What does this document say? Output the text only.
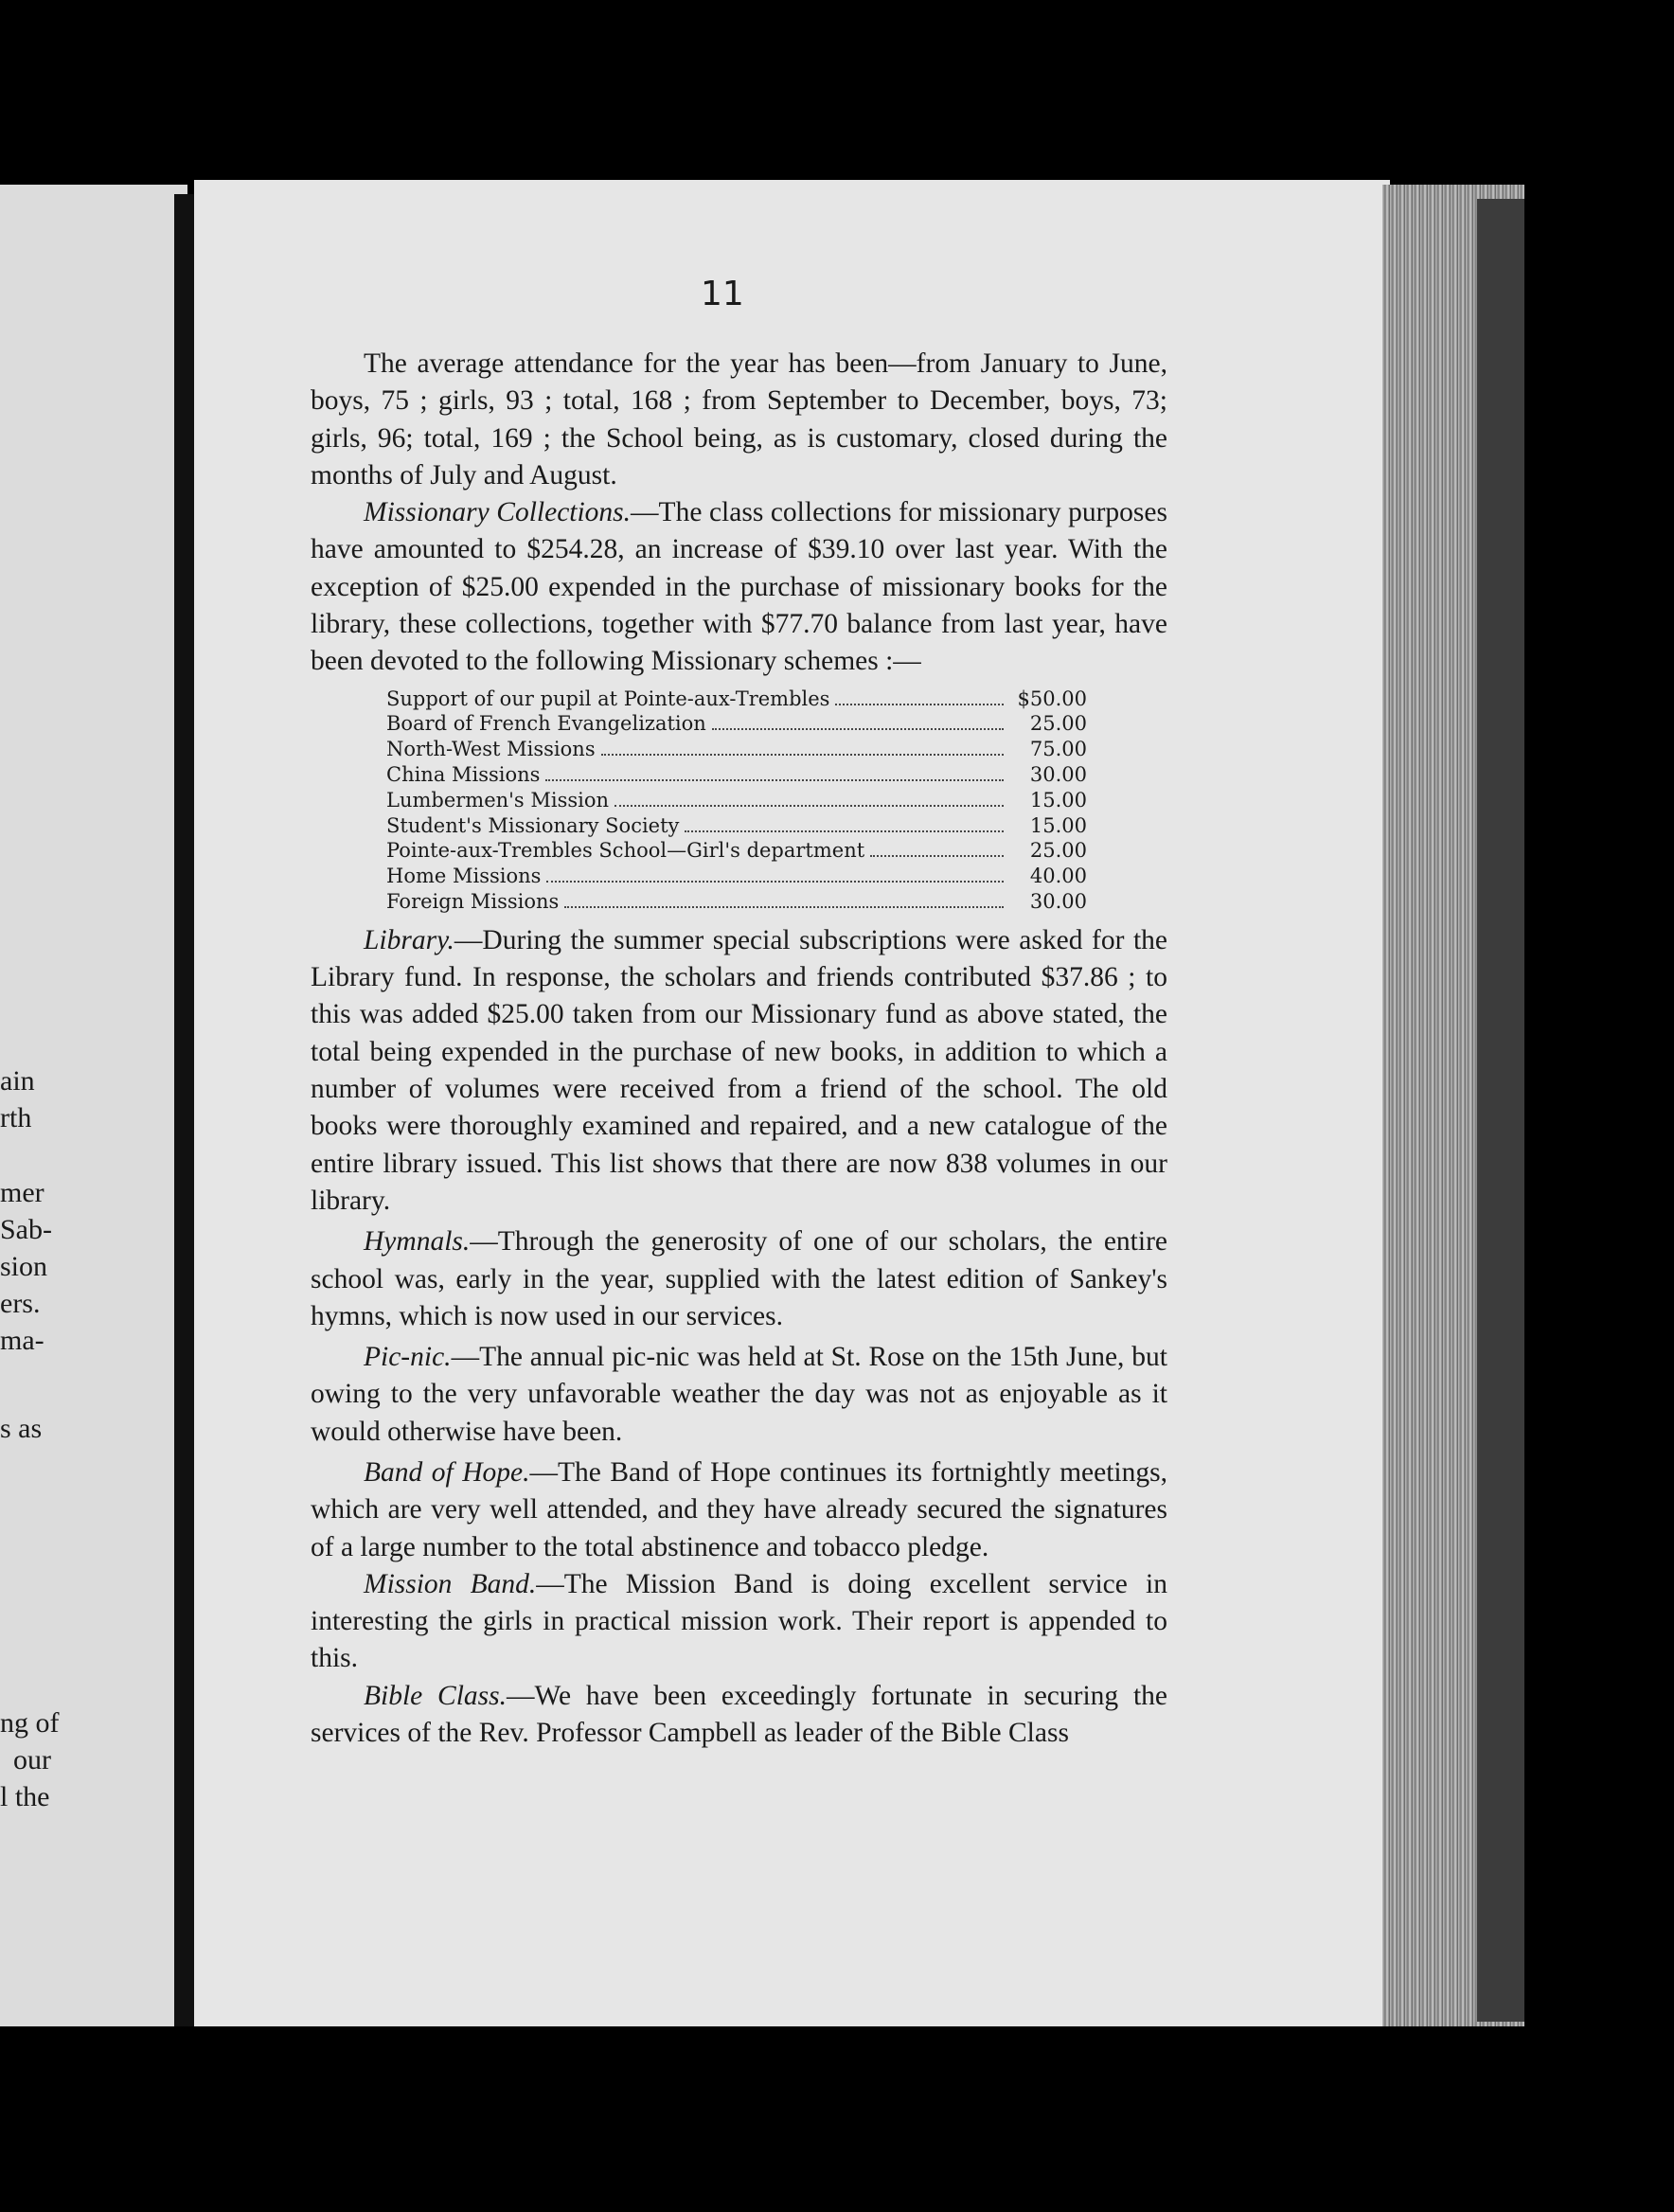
ain
rth
mer
Sab-
sion
ers.
ma-
s as
ng of
our
l the
11

The average attendance for the year has been—from January to June, boys, 75 ; girls, 93 ; total, 168 ; from September to December, boys, 73; girls, 96; total, 169 ; the School being, as is customary, closed during the months of July and August.

Missionary Collections.—The class collections for missionary purposes have amounted to $254.28, an increase of $39.10 over last year. With the exception of $25.00 expended in the purchase of missionary books for the library, these collections, together with $77.70 balance from last year, have been devoted to the following Missionary schemes :—

Support of our pupil at Pointe-aux-Trembles	$50.00
Board of French Evangelization	25.00
North-West Missions	75.00
China Missions	30.00
Lumbermen's Mission	15.00
Student's Missionary Society	15.00
Pointe-aux-Trembles School—Girl's department	25.00
Home Missions	40.00
Foreign Missions	30.00

Library.—During the summer special subscriptions were asked for the Library fund. In response, the scholars and friends contributed $37.86 ; to this was added $25.00 taken from our Missionary fund as above stated, the total being expended in the purchase of new books, in addition to which a number of volumes were received from a friend of the school. The old books were thoroughly examined and repaired, and a new catalogue of the entire library issued. This list shows that there are now 838 volumes in our library.

Hymnals.—Through the generosity of one of our scholars, the entire school was, early in the year, supplied with the latest edition of Sankey's hymns, which is now used in our services.

Pic-nic.—The annual pic-nic was held at St. Rose on the 15th June, but owing to the very unfavorable weather the day was not as enjoyable as it would otherwise have been.

Band of Hope.—The Band of Hope continues its fortnightly meetings, which are very well attended, and they have already secured the signatures of a large number to the total abstinence and tobacco pledge.

Mission Band.—The Mission Band is doing excellent service in interesting the girls in practical mission work. Their report is appended to this.

Bible Class.—We have been exceedingly fortunate in securing the services of the Rev. Professor Campbell as leader of the Bible Class
